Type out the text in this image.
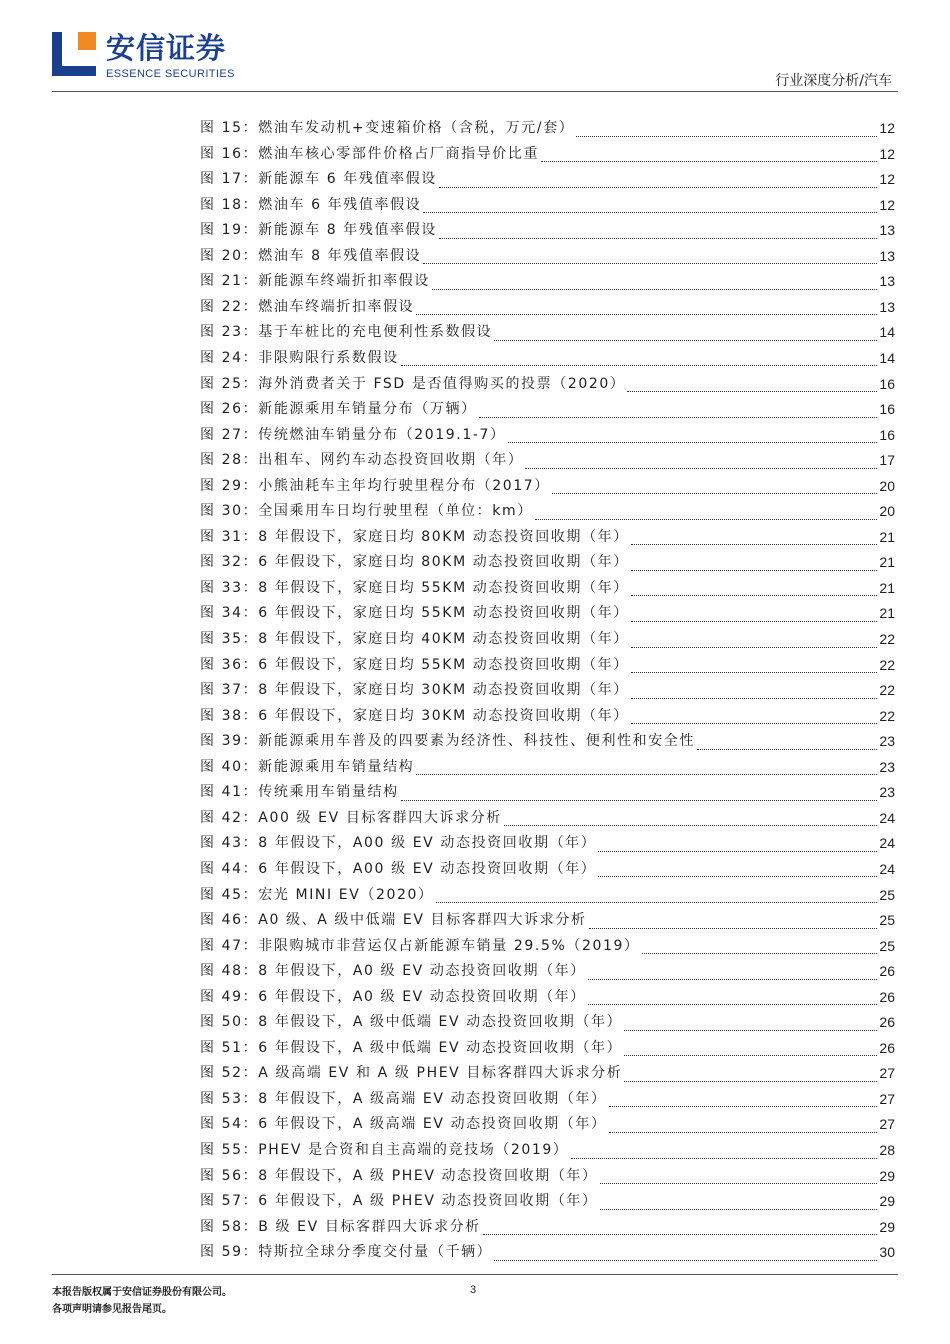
安信证券
ESSENCE SECURITIES	行业深度分析/汽车
图 15：燃油车发动机+变速箱价格（含税，万元/套）	12
图 16：燃油车核心零部件价格占厂商指导价比重	12
图 17：新能源车 6 年残值率假设	12
图 18：燃油车 6 年残值率假设	12
图 19：新能源车 8 年残值率假设	13
图 20：燃油车 8 年残值率假设	13
图 21：新能源车终端折扣率假设	13
图 22：燃油车终端折扣率假设	13
图 23：基于车桩比的充电便利性系数假设	14
图 24：非限购限行系数假设	14
图 25：海外消费者关于 FSD 是否值得购买的投票（2020）	16
图 26：新能源乘用车销量分布（万辆）	16
图 27：传统燃油车销量分布（2019.1-7）	16
图 28：出租车、网约车动态投资回收期（年）	17
图 29：小熊油耗车主年均行驶里程分布（2017）	20
图 30：全国乘用车日均行驶里程（单位：km）	20
图 31：8 年假设下，家庭日均 80KM 动态投资回收期（年）	21
图 32：6 年假设下，家庭日均 80KM 动态投资回收期（年）	21
图 33：8 年假设下，家庭日均 55KM 动态投资回收期（年）	21
图 34：6 年假设下，家庭日均 55KM 动态投资回收期（年）	21
图 35：8 年假设下，家庭日均 40KM 动态投资回收期（年）	22
图 36：6 年假设下，家庭日均 55KM 动态投资回收期（年）	22
图 37：8 年假设下，家庭日均 30KM 动态投资回收期（年）	22
图 38：6 年假设下，家庭日均 30KM 动态投资回收期（年）	22
图 39：新能源乘用车普及的四要素为经济性、科技性、便利性和安全性	23
图 40：新能源乘用车销量结构	23
图 41：传统乘用车销量结构	23
图 42：A00 级 EV 目标客群四大诉求分析	24
图 43：8 年假设下，A00 级 EV 动态投资回收期（年）	24
图 44：6 年假设下，A00 级 EV 动态投资回收期（年）	24
图 45：宏光 MINI EV（2020）	25
图 46：A0 级、A 级中低端 EV 目标客群四大诉求分析	25
图 47：非限购城市非营运仅占新能源车销量 29.5%（2019）	25
图 48：8 年假设下，A0 级 EV 动态投资回收期（年）	26
图 49：6 年假设下，A0 级 EV 动态投资回收期（年）	26
图 50：8 年假设下，A 级中低端 EV 动态投资回收期（年）	26
图 51：6 年假设下，A 级中低端 EV 动态投资回收期（年）	26
图 52：A 级高端 EV 和 A 级 PHEV 目标客群四大诉求分析	27
图 53：8 年假设下，A 级高端 EV 动态投资回收期（年）	27
图 54：6 年假设下，A 级高端 EV 动态投资回收期（年）	27
图 55：PHEV 是合资和自主高端的竞技场（2019）	28
图 56：8 年假设下，A 级 PHEV 动态投资回收期（年）	29
图 57：6 年假设下，A 级 PHEV 动态投资回收期（年）	29
图 58：B 级 EV 目标客群四大诉求分析	29
图 59：特斯拉全球分季度交付量（千辆）	30
本报告版权属于安信证券股份有限公司。
各项声明请参见报告尾页。
3
